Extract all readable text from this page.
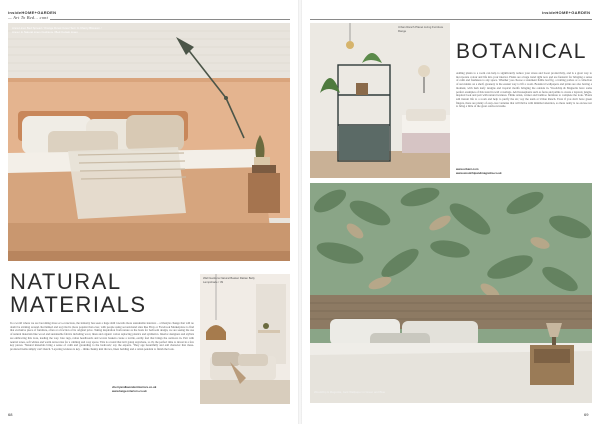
insideHOME+GARDEN
— Art To Bed... cont
Anna Linen Bed Spread / Orange Duvet Cover Set / In Cherry Blossom / Anna / In Natural Linen Cushions / Bed Curtain Linen
NATURAL
MATERIALS
Wall Gardens Natural Basket Rattan Belly Lampshade / 39
In a world where we are becoming more eco-conscious, the industry has seen a huge shift towards more sustainable interiors – a lifestyle change that will no doubt be sticking around. Reclaimed and recycled is more popular than ever, with people using second-hand sites like Ebay or Facebook Marketplace to find that exclusive piece of furniture, often at a fraction of its original price. Taking inspiration from nature as the basis for bedroom design, we are seeing the use of natural materials like wood and sustainable fabrics including wool, linen and organic cotton replacing plastics and synthetics. Interior designers and stylists are embracing this look, leading the way. Jute rugs, rattan headboards and woven baskets create a tactile, earthy feel that brings the outdoors in. Pair with neutral tones, soft whites and warm terracottas for a calming and cosy space. This is a trend that isn't going anywhere, so it's the perfect time to invest in a few key pieces. 'Natural materials bring a sense of calm and grounding to the bedroom,' say the experts. 'They age beautifully and add character that mass-produced items simply can't match.' Layering textures is key – think chunky knit throws, linen bedding and a rattan pendant to finish the look.
cherryandlavenderinteriors.co.uk
www.beige-interiors.co.uk
68
insideHOME+GARDEN
Urban Ranch Planet Living Furniture Range
BOTANICAL
Adding plants to a room can help to significantly reduce your stress and boost productivity, and is a great way to incorporate colour and life into your interior. Plants are a huge trend right now and are fantastic for bringing a sense of calm and freshness to any space. Whether you choose a statement fiddle leaf fig, a trailing pothos or a collection of succulents on a shelf, greenery is the easiest way to lift a room. Botanical wallpapers and prints are also having a moment, with lush leafy designs and tropical motifs bringing the outside in. Woodchip & Magnolia have some perfect examples of this trend in wall coverings. Add houseplants such as ferns and palms to create a layered, jungle-inspired look and pair with natural textures. Think rattan, wicker and bamboo furniture to complete the look. 'Plants add instant life to a room and help to purify the air,' say the team at Urban Ranch. Even if you don't have green fingers, there are plenty of easy-care varieties that will thrive with minimal attention, so there really is no excuse not to bring a little of the great outdoors inside.
www.urbanr.com
www.woodchipandmagnolia.co.uk
Woodchip & Magnolia, Jack Wallpaper in Green and Blue
69
